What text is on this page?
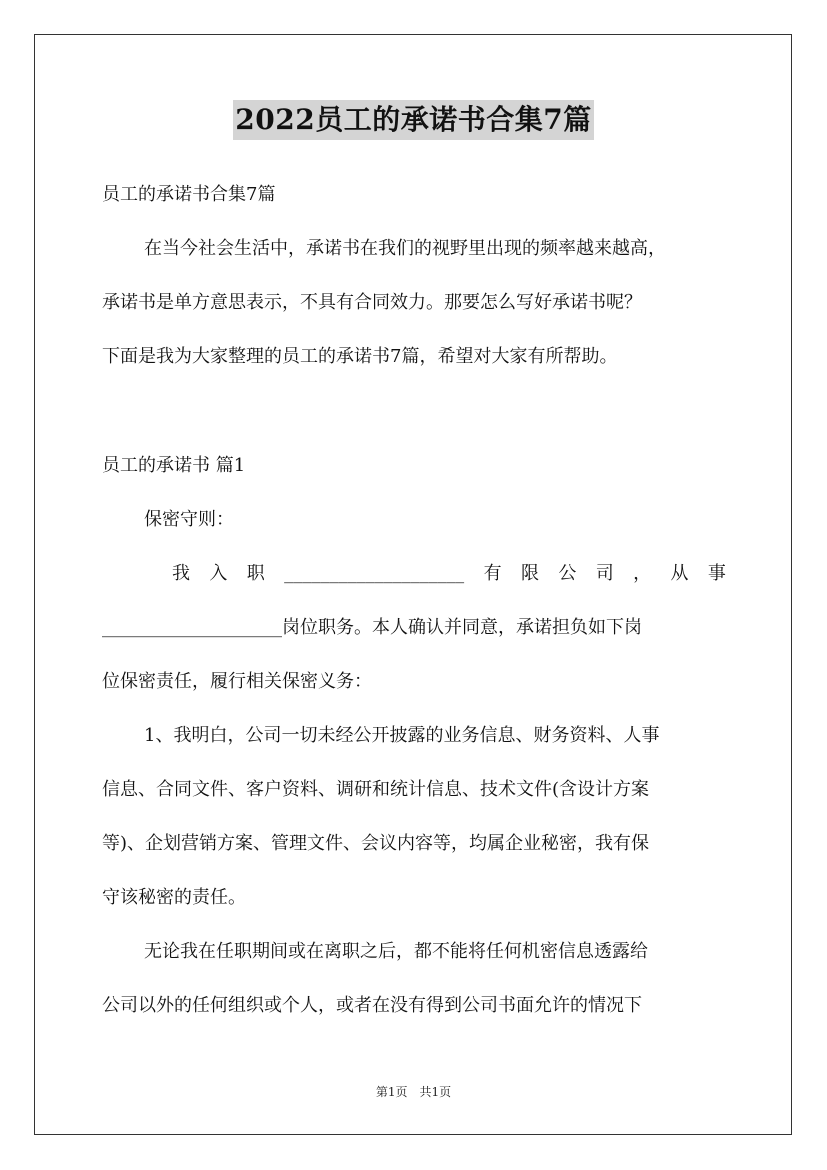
2022员工的承诺书合集7篇
员工的承诺书合集7篇
在当今社会生活中，承诺书在我们的视野里出现的频率越来越高，
承诺书是单方意思表示，不具有合同效力。那要怎么写好承诺书呢？
下面是我为大家整理的员工的承诺书7篇，希望对大家有所帮助。
员工的承诺书 篇1
保密守则：
我 入 职 ____________________ 有 限 公 司 ， 从 事
____________________岗位职务。本人确认并同意，承诺担负如下岗
位保密责任，履行相关保密义务：
1、我明白，公司一切未经公开披露的业务信息、财务资料、人事
信息、合同文件、客户资料、调研和统计信息、技术文件(含设计方案
等)、企划营销方案、管理文件、会议内容等，均属企业秘密，我有保
守该秘密的责任。
无论我在任职期间或在离职之后，都不能将任何机密信息透露给
公司以外的任何组织或个人，或者在没有得到公司书面允许的情况下
第1页 共1页
